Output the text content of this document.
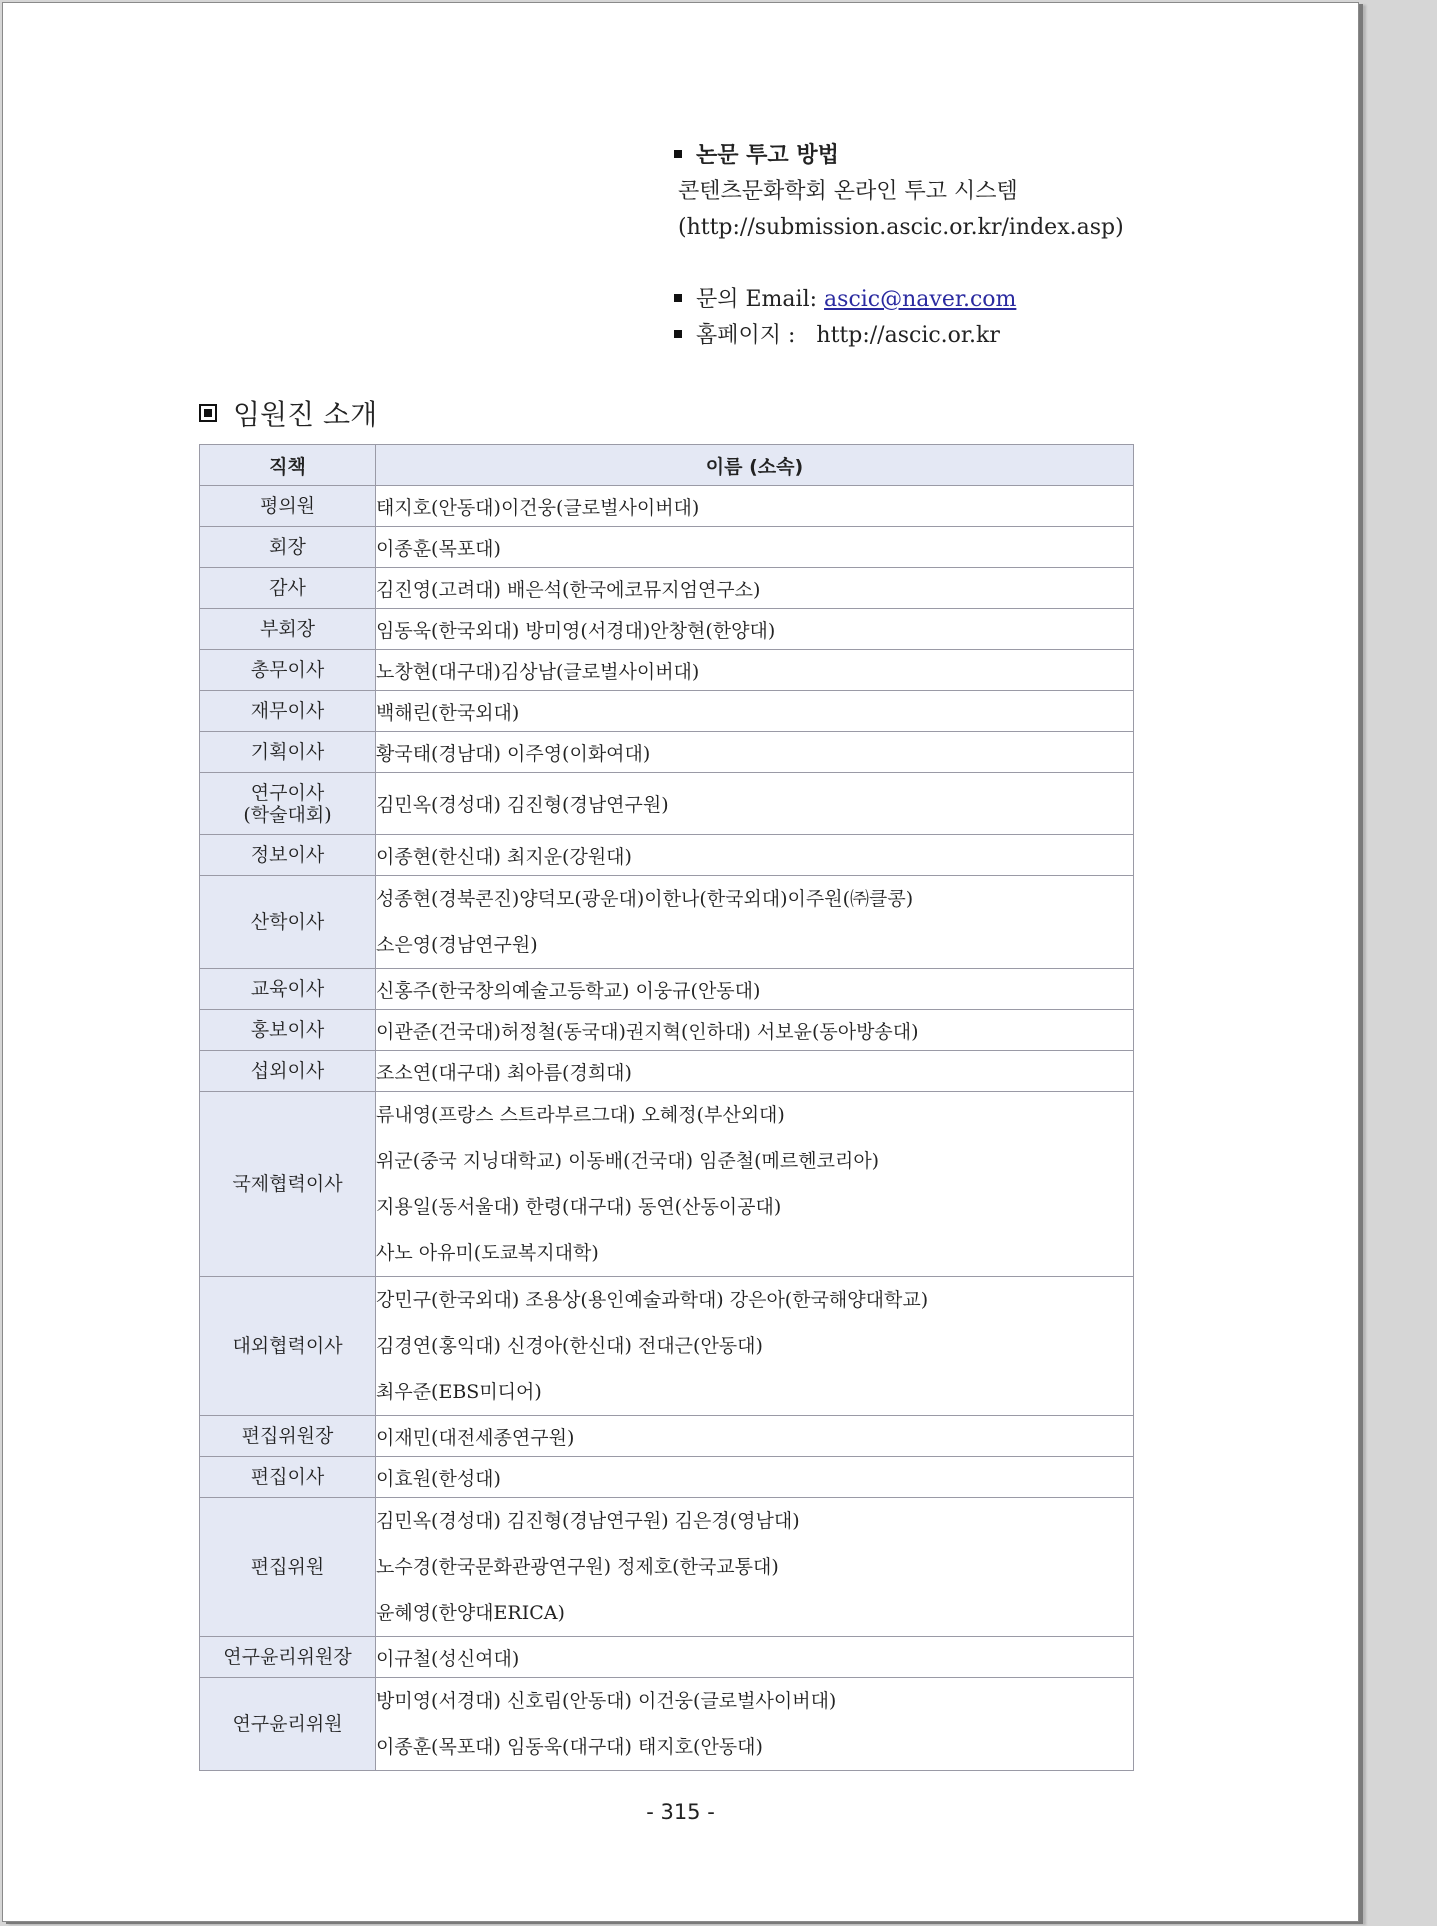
논문 투고 방법
콘텐츠문화학회 온라인 투고 시스템
(http://submission.ascic.or.kr/index.asp)
문의 Email: ascic@naver.com
홈페이지 : http://ascic.or.kr
임원진 소개
직책	이름 (소속)

평의원	태지호(안동대)이건웅(글로벌사이버대)

회장	이종훈(목포대)

감사	김진영(고려대) 배은석(한국에코뮤지엄연구소)

부회장	임동욱(한국외대) 방미영(서경대)안창현(한양대)

총무이사	노창현(대구대)김상남(글로벌사이버대)

재무이사	백해린(한국외대)

기획이사	황국태(경남대) 이주영(이화여대)

연구이사
(학술대회)	김민옥(경성대) 김진형(경남연구원)

정보이사	이종현(한신대) 최지운(강원대)

산학이사	성종현(경북콘진)양덕모(광운대)이한나(한국외대)이주원(㈜클콩)
소은영(경남연구원)

교육이사	신홍주(한국창의예술고등학교) 이웅규(안동대)

홍보이사	이관준(건국대)허정철(동국대)권지혁(인하대) 서보윤(동아방송대)

섭외이사	조소연(대구대) 최아름(경희대)

국제협력이사	류내영(프랑스 스트라부르그대) 오혜정(부산외대)
위군(중국 지닝대학교) 이동배(건국대) 임준철(메르헨코리아)
지용일(동서울대) 한령(대구대) 동연(산동이공대)
사노 아유미(도쿄복지대학)

대외협력이사	강민구(한국외대) 조용상(용인예술과학대) 강은아(한국해양대학교)
김경연(홍익대) 신경아(한신대) 전대근(안동대)
최우준(EBS미디어)

편집위원장	이재민(대전세종연구원)

편집이사	이효원(한성대)

편집위원	김민옥(경성대) 김진형(경남연구원) 김은경(영남대)
노수경(한국문화관광연구원) 정제호(한국교통대)
윤혜영(한양대ERICA)

연구윤리위원장	이규철(성신여대)

연구윤리위원	방미영(서경대) 신호림(안동대) 이건웅(글로벌사이버대)
이종훈(목포대) 임동욱(대구대) 태지호(안동대)
- 315 -
